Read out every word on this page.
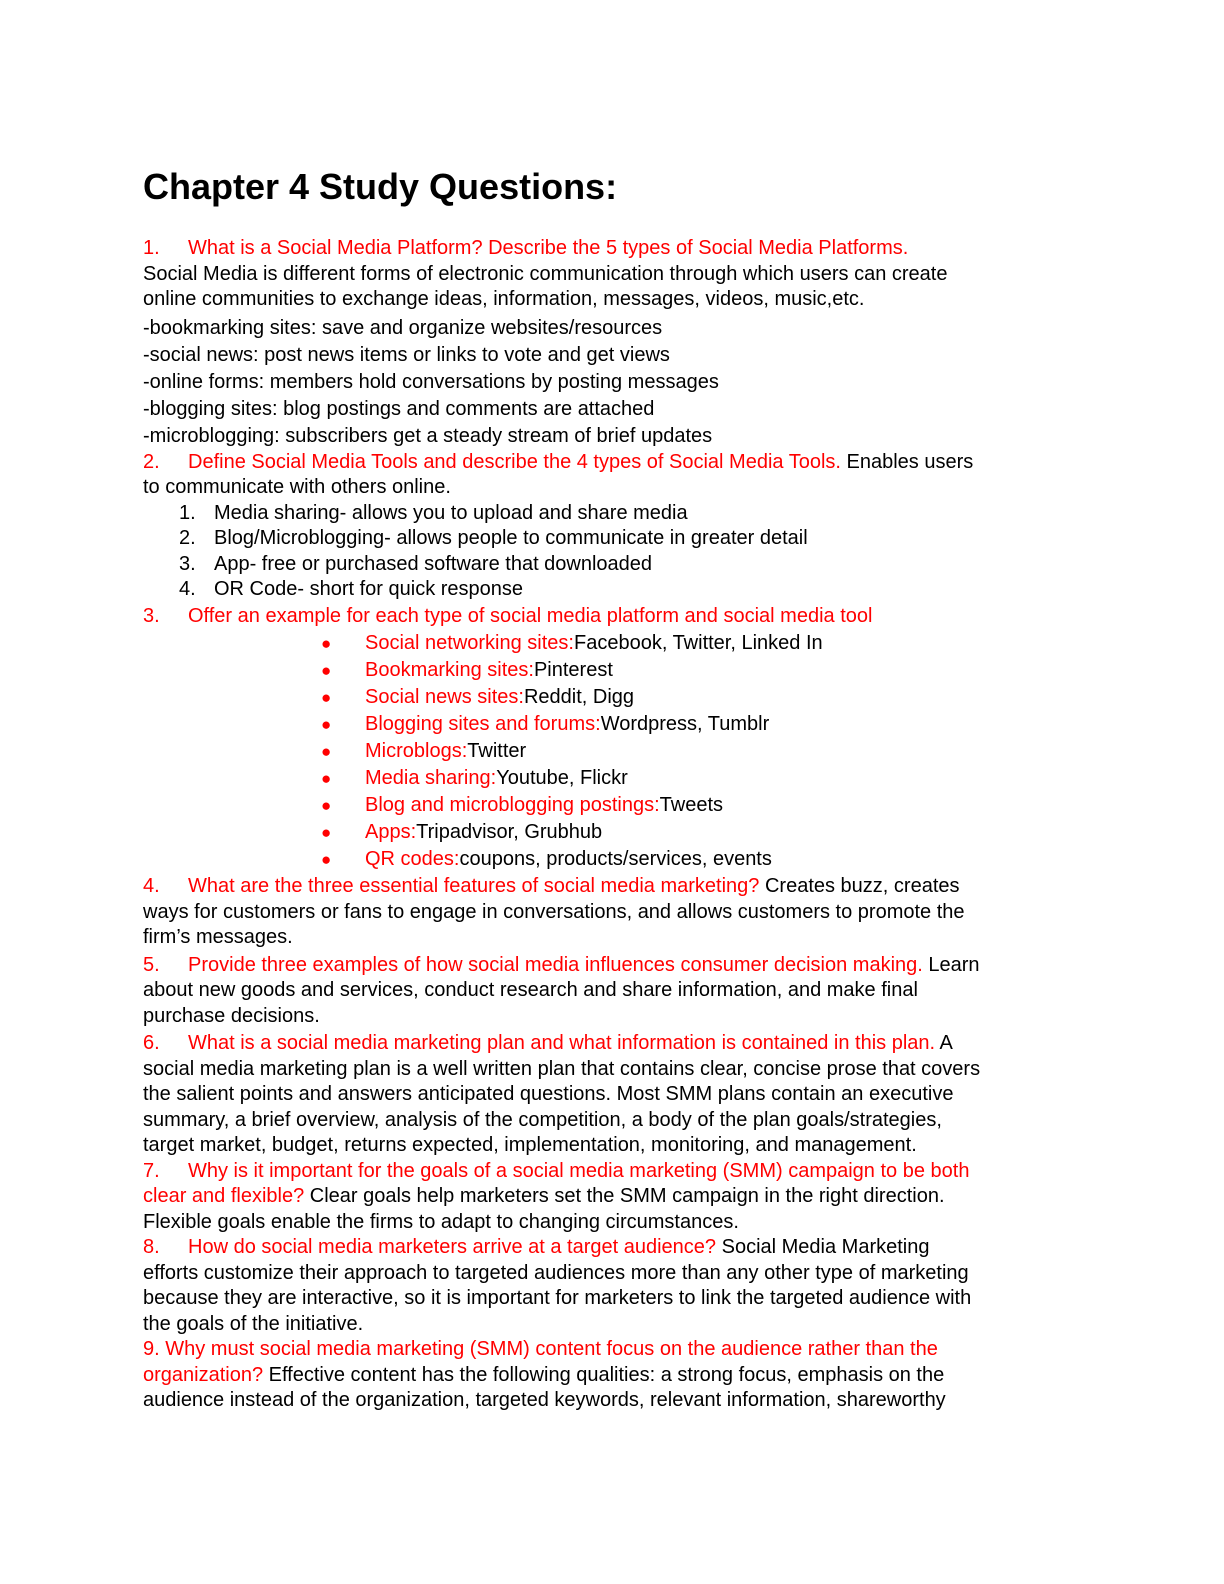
Chapter 4 Study Questions:

1. What is a Social Media Platform? Describe the 5 types of Social Media Platforms.

Social Media is different forms of electronic communication through which users can create

online communities to exchange ideas, information, messages, videos, music,etc.

-bookmarking sites: save and organize websites/resources

-social news: post news items or links to vote and get views

-online forms: members hold conversations by posting messages

-blogging sites: blog postings and comments are attached

-microblogging: subscribers get a steady stream of brief updates

2. Define Social Media Tools and describe the 4 types of Social Media Tools. Enables users

to communicate with others online.

1. Media sharing- allows you to upload and share media
2. Blog/Microblogging- allows people to communicate in greater detail
3. App- free or purchased software that downloaded
4. OR Code- short for quick response

3. Offer an example for each type of social media platform and social media tool

●	Social networking sites: Facebook, Twitter, Linked In
●	Bookmarking sites: Pinterest
●	Social news sites: Reddit, Digg
●	Blogging sites and forums: Wordpress, Tumblr
●	Microblogs: Twitter
●	Media sharing: Youtube, Flickr
●	Blog and microblogging postings: Tweets
●	Apps: Tripadvisor, Grubhub
●	QR codes: coupons, products/services, events

4. What are the three essential features of social media marketing? Creates buzz, creates

ways for customers or fans to engage in conversations, and allows customers to promote the

firm’s messages.

5. Provide three examples of how social media influences consumer decision making. Learn

about new goods and services, conduct research and share information, and make final

purchase decisions.

6. What is a social media marketing plan and what information is contained in this plan. A

social media marketing plan is a well written plan that contains clear, concise prose that covers

the salient points and answers anticipated questions. Most SMM plans contain an executive

summary, a brief overview, analysis of the competition, a body of the plan goals/strategies,

target market, budget, returns expected, implementation, monitoring, and management.

7. Why is it important for the goals of a social media marketing (SMM) campaign to be both

clear and flexible? Clear goals help marketers set the SMM campaign in the right direction.

Flexible goals enable the firms to adapt to changing circumstances.

8. How do social media marketers arrive at a target audience? Social Media Marketing

efforts customize their approach to targeted audiences more than any other type of marketing

because they are interactive, so it is important for marketers to link the targeted audience with

the goals of the initiative.

9. Why must social media marketing (SMM) content focus on the audience rather than the

organization? Effective content has the following qualities: a strong focus, emphasis on the

audience instead of the organization, targeted keywords, relevant information, shareworthy
